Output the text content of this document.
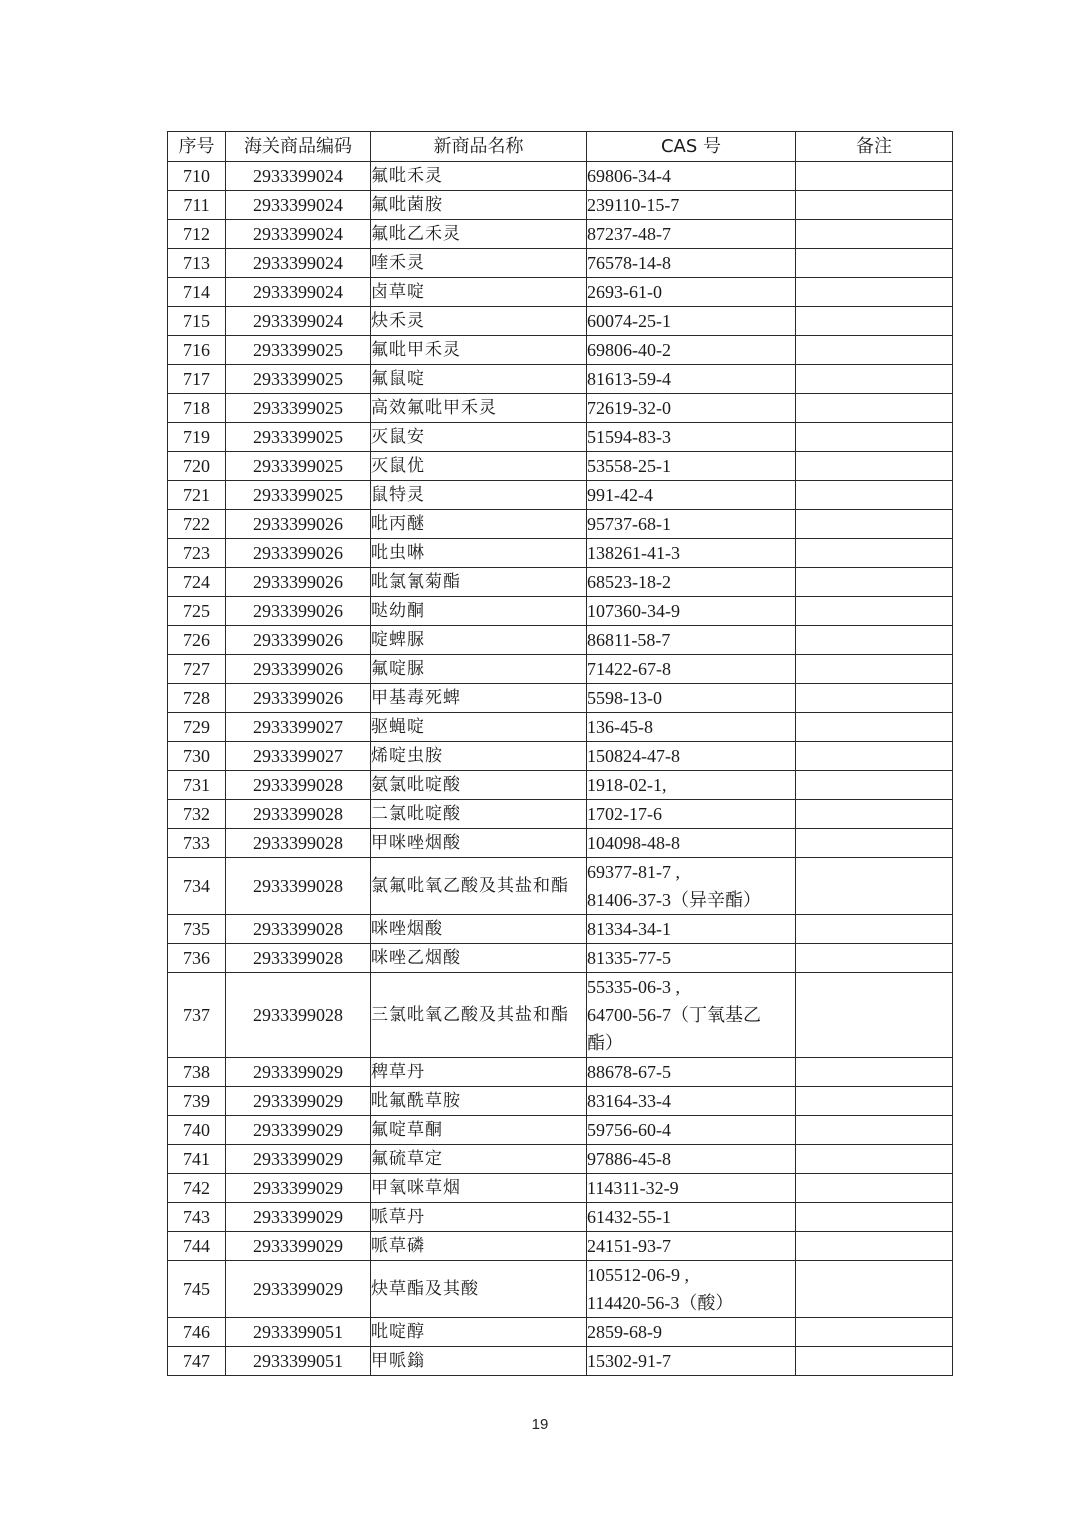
序号	海关商品编码	新商品名称	CAS 号	备注
710	2933399024	氟吡禾灵	69806-34-4	

711	2933399024	氟吡菌胺	239110-15-7	

712	2933399024	氟吡乙禾灵	87237-48-7	

713	2933399024	喹禾灵	76578-14-8	

714	2933399024	卤草啶	2693-61-0	

715	2933399024	炔禾灵	60074-25-1	

716	2933399025	氟吡甲禾灵	69806-40-2	

717	2933399025	氟鼠啶	81613-59-4	

718	2933399025	高效氟吡甲禾灵	72619-32-0	

719	2933399025	灭鼠安	51594-83-3	

720	2933399025	灭鼠优	53558-25-1	

721	2933399025	鼠特灵	991-42-4	

722	2933399026	吡丙醚	95737-68-1	

723	2933399026	吡虫啉	138261-41-3	

724	2933399026	吡氯氰菊酯	68523-18-2	

725	2933399026	哒幼酮	107360-34-9	

726	2933399026	啶蜱脲	86811-58-7	

727	2933399026	氟啶脲	71422-67-8	

728	2933399026	甲基毒死蜱	5598-13-0	

729	2933399027	驱蝇啶	136-45-8	

730	2933399027	烯啶虫胺	150824-47-8	

731	2933399028	氨氯吡啶酸	1918-02-1,	

732	2933399028	二氯吡啶酸	1702-17-6	

733	2933399028	甲咪唑烟酸	104098-48-8	

734	2933399028	氯氟吡氧乙酸及其盐和酯	69377-81-7 ,
81406-37-3（异辛酯）	

735	2933399028	咪唑烟酸	81334-34-1	

736	2933399028	咪唑乙烟酸	81335-77-5	

737	2933399028	三氯吡氧乙酸及其盐和酯	55335-06-3 ,
64700-56-7（丁氧基乙
酯）	

738	2933399029	稗草丹	88678-67-5	

739	2933399029	吡氟酰草胺	83164-33-4	

740	2933399029	氟啶草酮	59756-60-4	

741	2933399029	氟硫草定	97886-45-8	

742	2933399029	甲氧咪草烟	114311-32-9	

743	2933399029	哌草丹	61432-55-1	

744	2933399029	哌草磷	24151-93-7	

745	2933399029	炔草酯及其酸	105512-06-9 ,
114420-56-3（酸）	

746	2933399051	吡啶醇	2859-68-9	

747	2933399051	甲哌鎓	15302-91-7	

19
